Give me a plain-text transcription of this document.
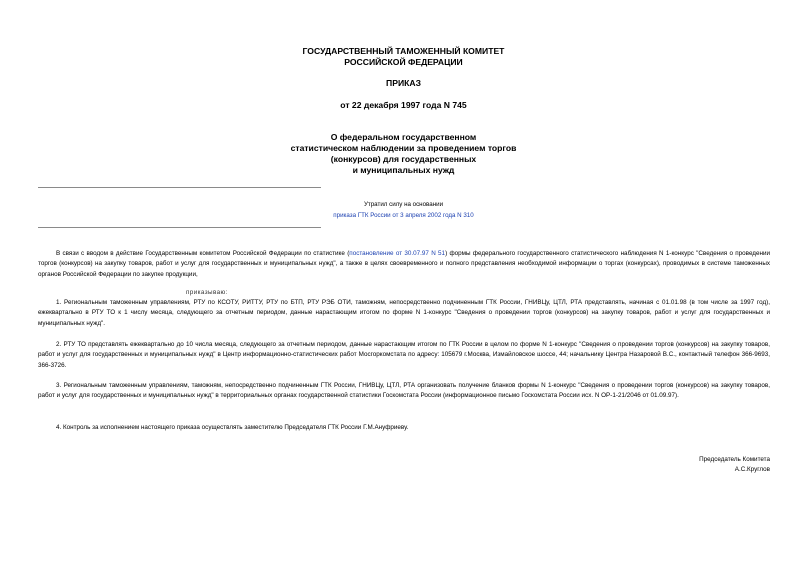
ГОСУДАРСТВЕННЫЙ ТАМОЖЕННЫЙ КОМИТЕТ
РОССИЙСКОЙ ФЕДЕРАЦИИ
ПРИКАЗ
от 22 декабря 1997 года N 745
О федеральном государственном
статистическом наблюдении за проведением торгов
(конкурсов) для государственных
и муниципальных нужд
Утратил силу на основании
приказа ГТК России от 3 апреля 2002 года N 310
В связи с вводом в действие Государственным комитетом Российской Федерации по статистике (постановление от 30.07.97 N 51) формы федерального государственного статистического наблюдения N 1-конкурс "Сведения о проведении торгов (конкурсов) на закупку товаров, работ и услуг для государственных и муниципальных нужд", а также в целях своевременного и полного представления необходимой информации о торгах (конкурсах), проводимых в системе таможенных органов Российской Федерации по закупке продукции,
приказываю:
1. Региональным таможенным управлениям, РТУ по КСОТУ, РИТТУ, РТУ по БТП, РТУ РЭБ ОТИ, таможням, непосредственно подчиненным ГТК России, ГНИВЦу, ЦТЛ, РТА представлять, начиная с 01.01.98 (в том числе за 1997 год), ежеквартально в РТУ ТО к 1 числу месяца, следующего за отчетным периодом, данные нарастающим итогом по форме N 1-конкурс "Сведения о проведении торгов (конкурсов) на закупку товаров, работ и услуг для государственных и муниципальных нужд".
2. РТУ ТО представлять ежеквартально до 10 числа месяца, следующего за отчетным периодом, данные нарастающим итогом по ГТК России в целом по форме N 1-конкурс "Сведения о проведении торгов (конкурсов) на закупку товаров, работ и услуг для государственных и муниципальных нужд" в Центр информационно-статистических работ Мосгоркомстата по адресу: 105679 г.Москва, Измайловское шоссе, 44; начальнику Центра Назаровой В.С., контактный телефон 366-9693, 366-3726.
3. Региональным таможенным управлениям, таможням, непосредственно подчиненным ГТК России, ГНИВЦу, ЦТЛ, РТА организовать получение бланков формы N 1-конкурс "Сведения о проведении торгов (конкурсов) на закупку товаров, работ и услуг для государственных и муниципальных нужд" в территориальных органах государственной статистики Госкомстата России (информационное письмо Госкомстата России исх. N ОР-1-21/2046 от 01.09.97).
4. Контроль за исполнением настоящего приказа осуществлять заместителю Председателя ГТК России Г.М.Ануфриеву.
Председатель Комитета
А.С.Круглов
